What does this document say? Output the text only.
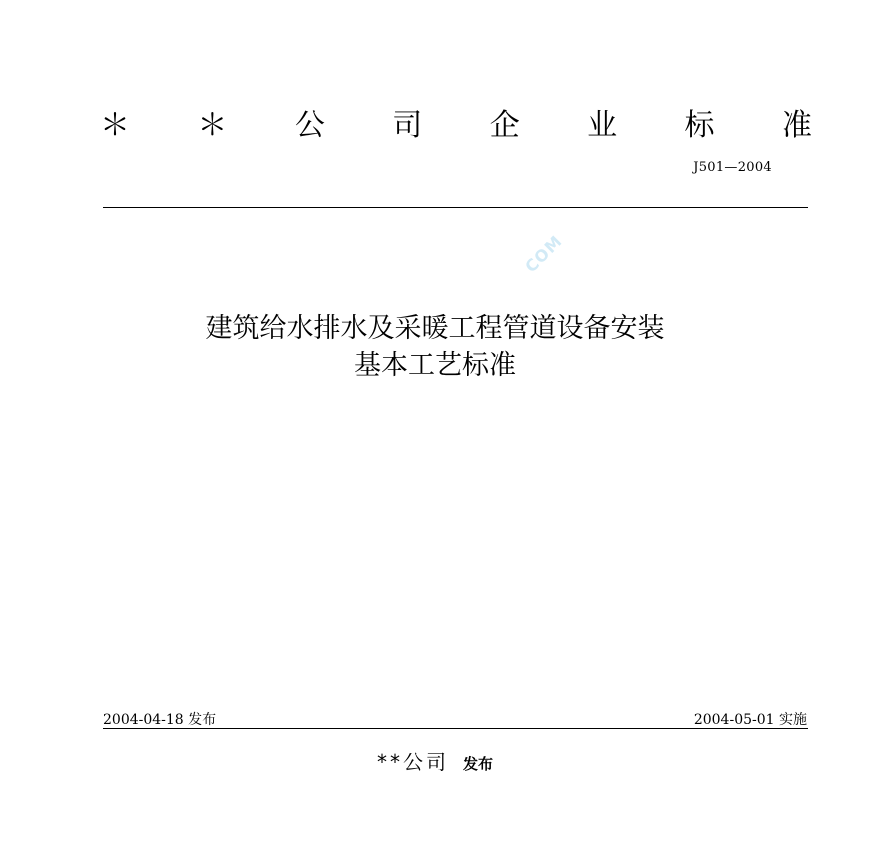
＊ ＊ 公 司 企 业 标 准
J501—2004
COM
建筑给水排水及采暖工程管道设备安装
基本工艺标准
2004-04-18 发布	2004-05-01 实施
**公司 发布
